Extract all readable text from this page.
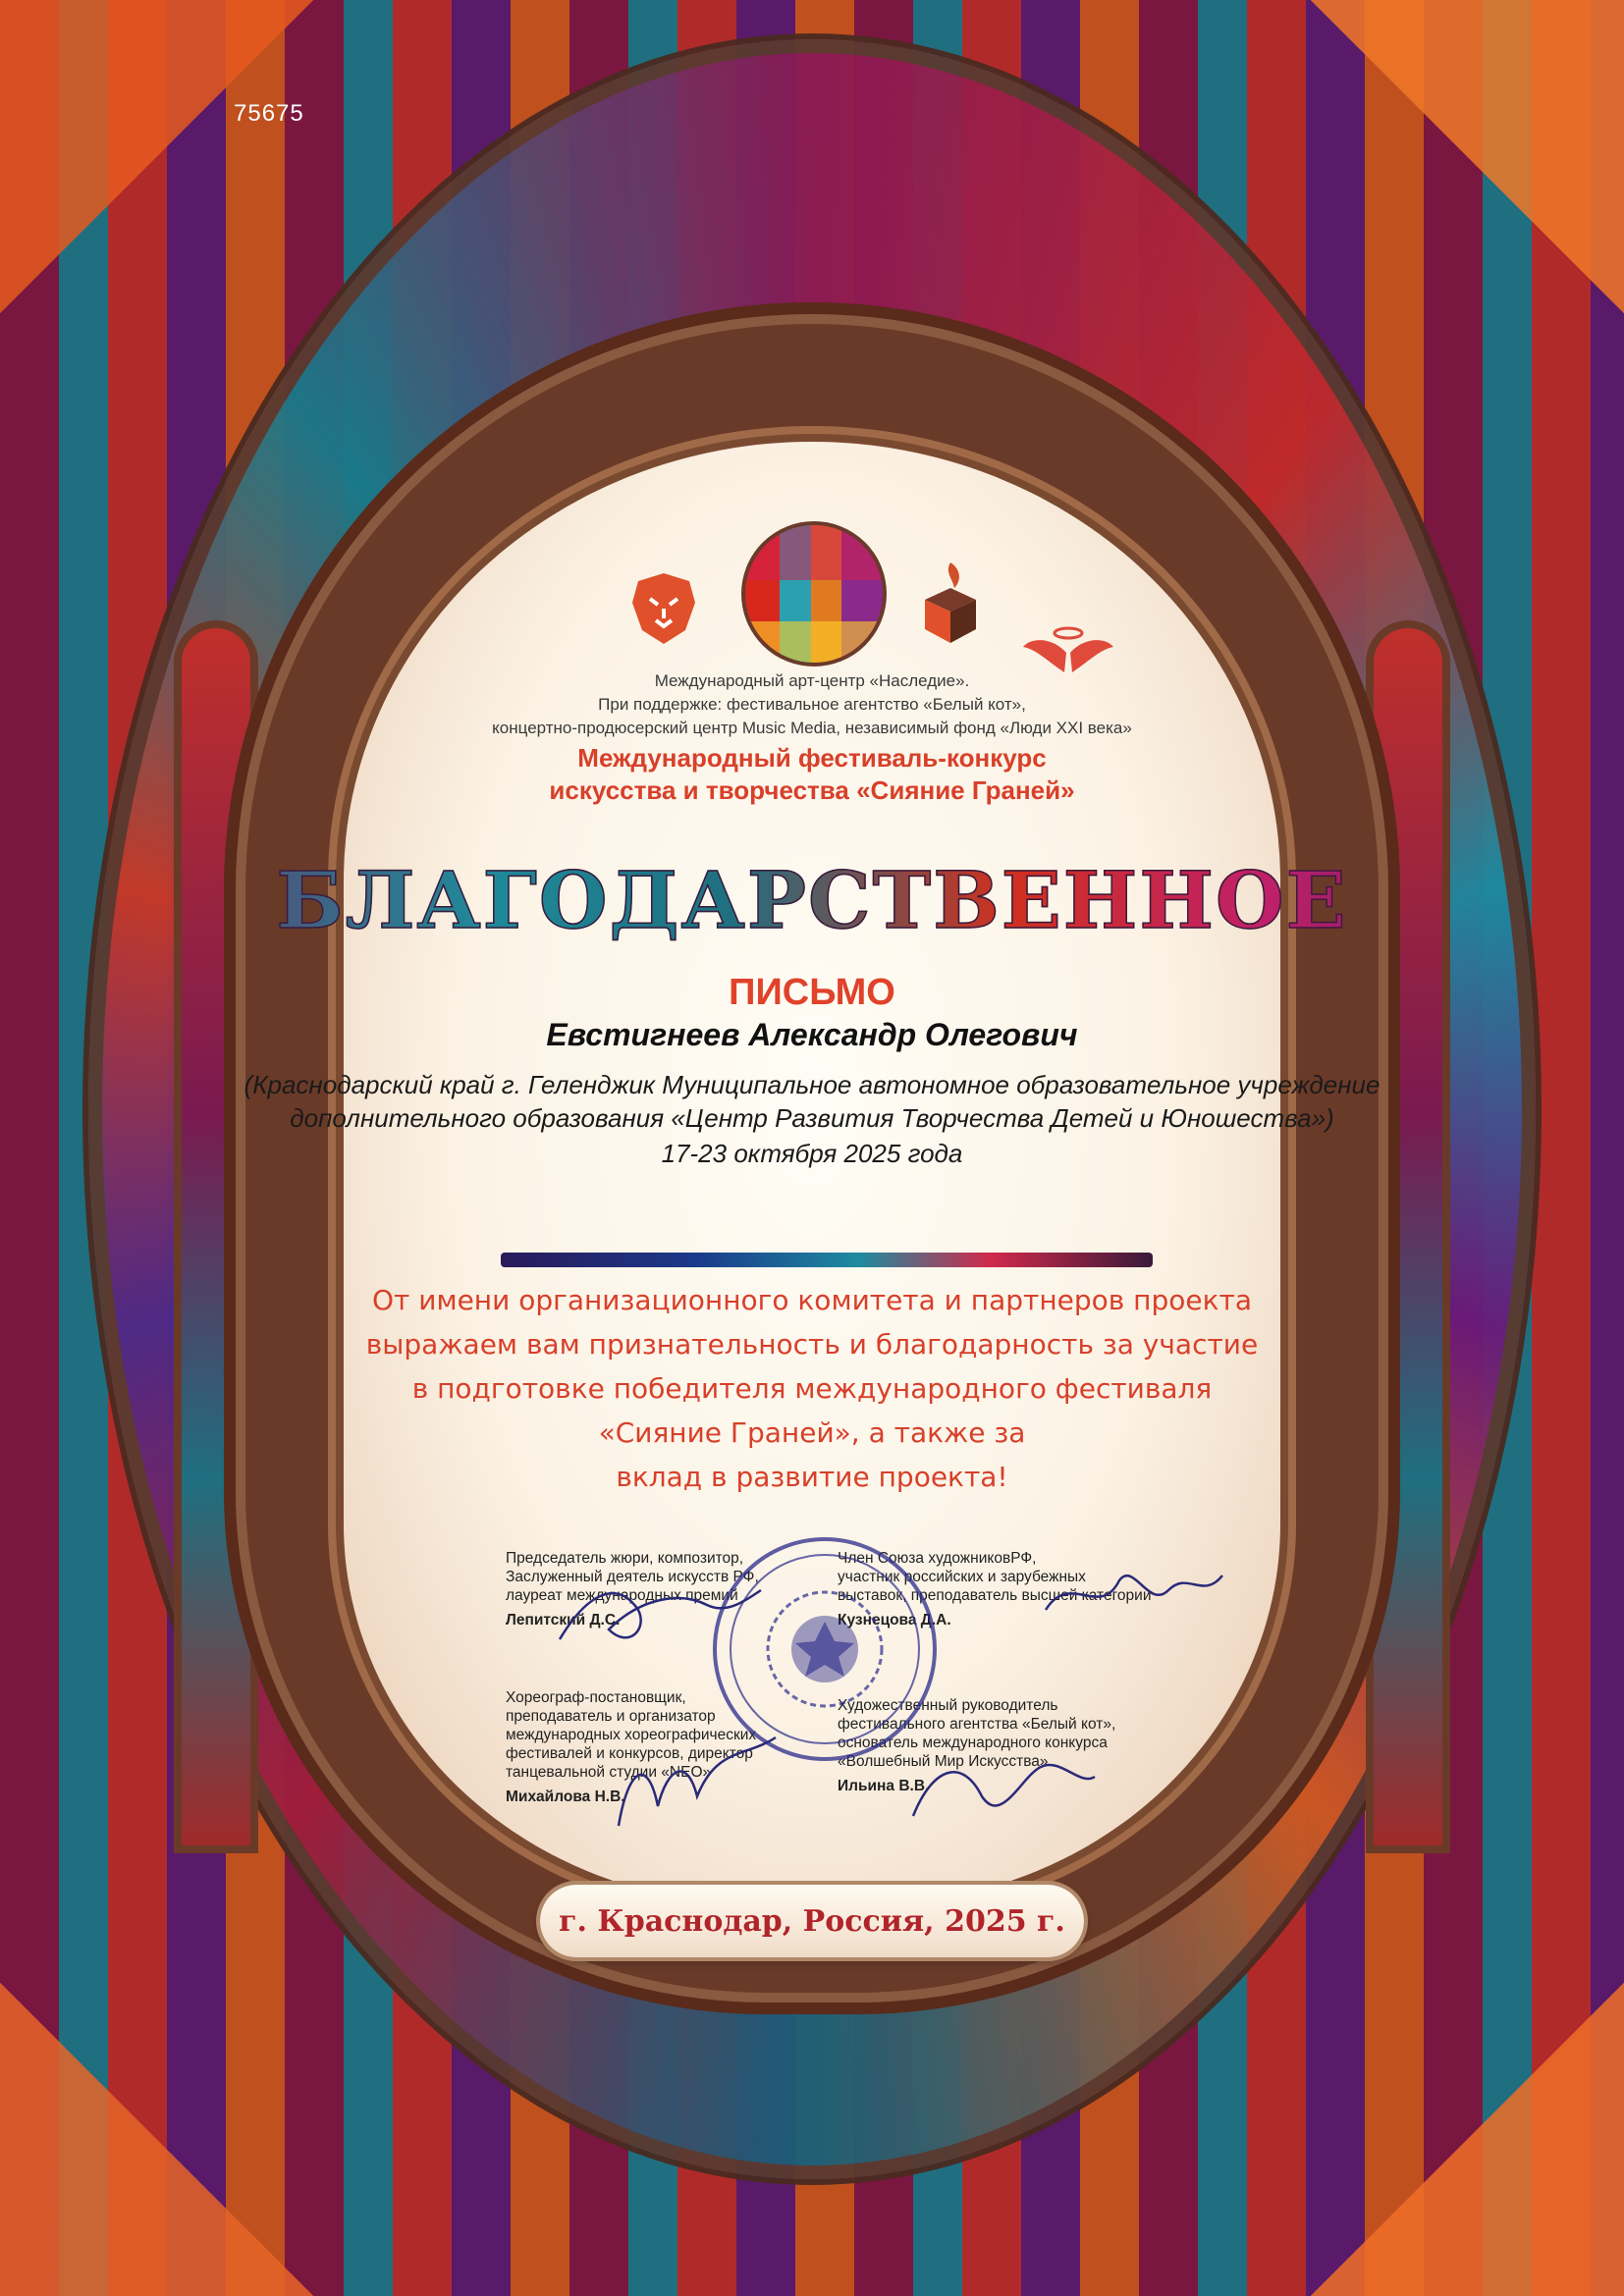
75675
Международный арт-центр «Наследие».
При поддержке: фестивальное агентство «Белый кот»,
концертно-продюсерский центр Music Media, независимый фонд «Люди XXI века»
Международный фестиваль-конкурс
искусства и творчества «Сияние Граней»
БЛАГОДАРСТВЕННОЕ
ПИСЬМО
Евстигнеев Александр Олегович
(Краснодарский край г. Геленджик Муниципальное автономное образовательное учреждение
дополнительного образования «Центр Развития Творчества Детей и Юношества»)
17-23 октября 2025 года
От имени организационного комитета и партнеров проекта
выражаем вам признательность и благодарность за участие
в подготовке победителя международного фестиваля
«Сияние Граней», а также за
вклад в развитие проекта!
Председатель жюри, композитор,
Заслуженный деятель искусств РФ,
лауреат международных премий
Лепитский Д.С.
Член Союза художниковРФ,
участник российских и зарубежных
выставок, преподаватель высшей категории
Кузнецова Д.А.
Хореограф-постановщик,
преподаватель и организатор
международных хореографических
фестивалей и конкурсов, директор
танцевальной студии «NEO»
Михайлова Н.В.
Художественный руководитель
фестивального агентства «Белый кот»,
основатель международного конкурса
«Волшебный Мир Искусства»
Ильина В.В.
г. Краснодар, Россия, 2025 г.
